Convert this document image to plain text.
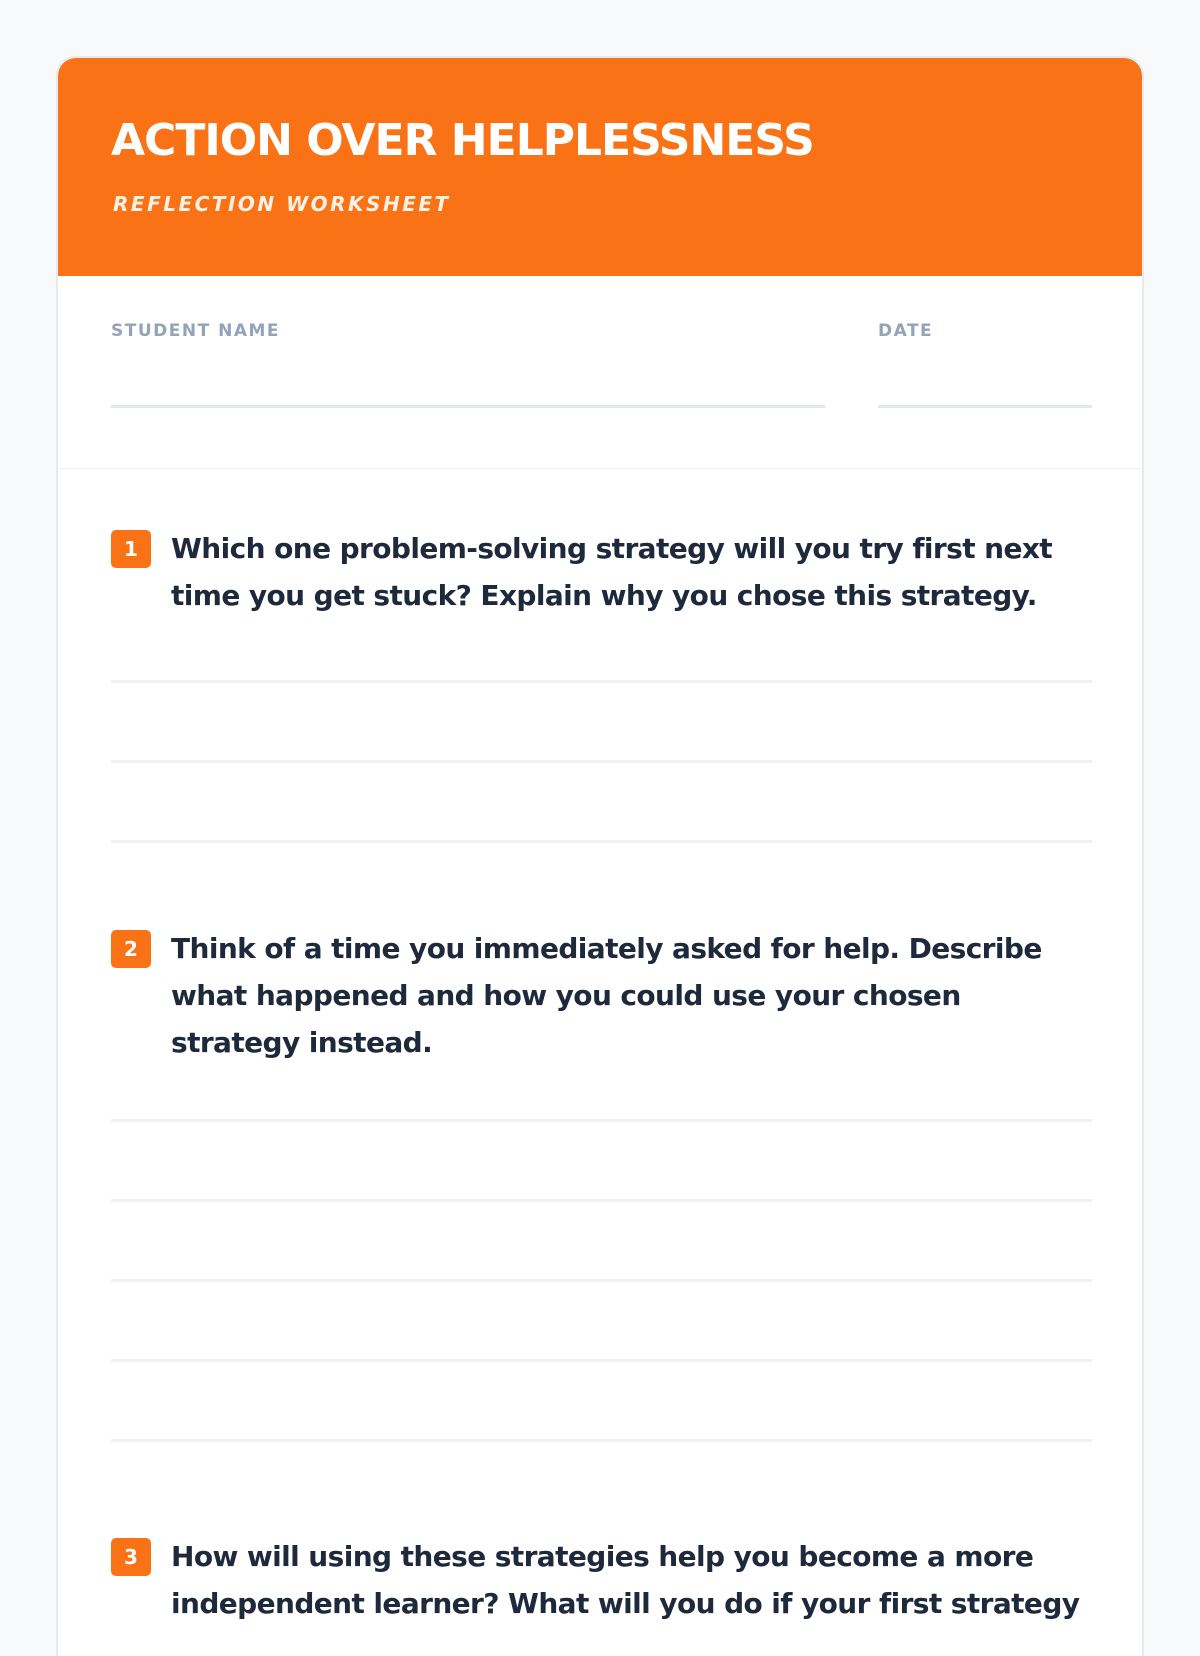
ACTION OVER HELPLESSNESS

REFLECTION WORKSHEET

STUDENT NAME	DATE
1	Which one problem-solving strategy will you try first next time you get stuck? Explain why you chose this strategy.

2	Think of a time you immediately asked for help. Describe what happened and how you could use your chosen strategy instead.

3	How will using these strategies help you become a more independent learner? What will you do if your first strategy
